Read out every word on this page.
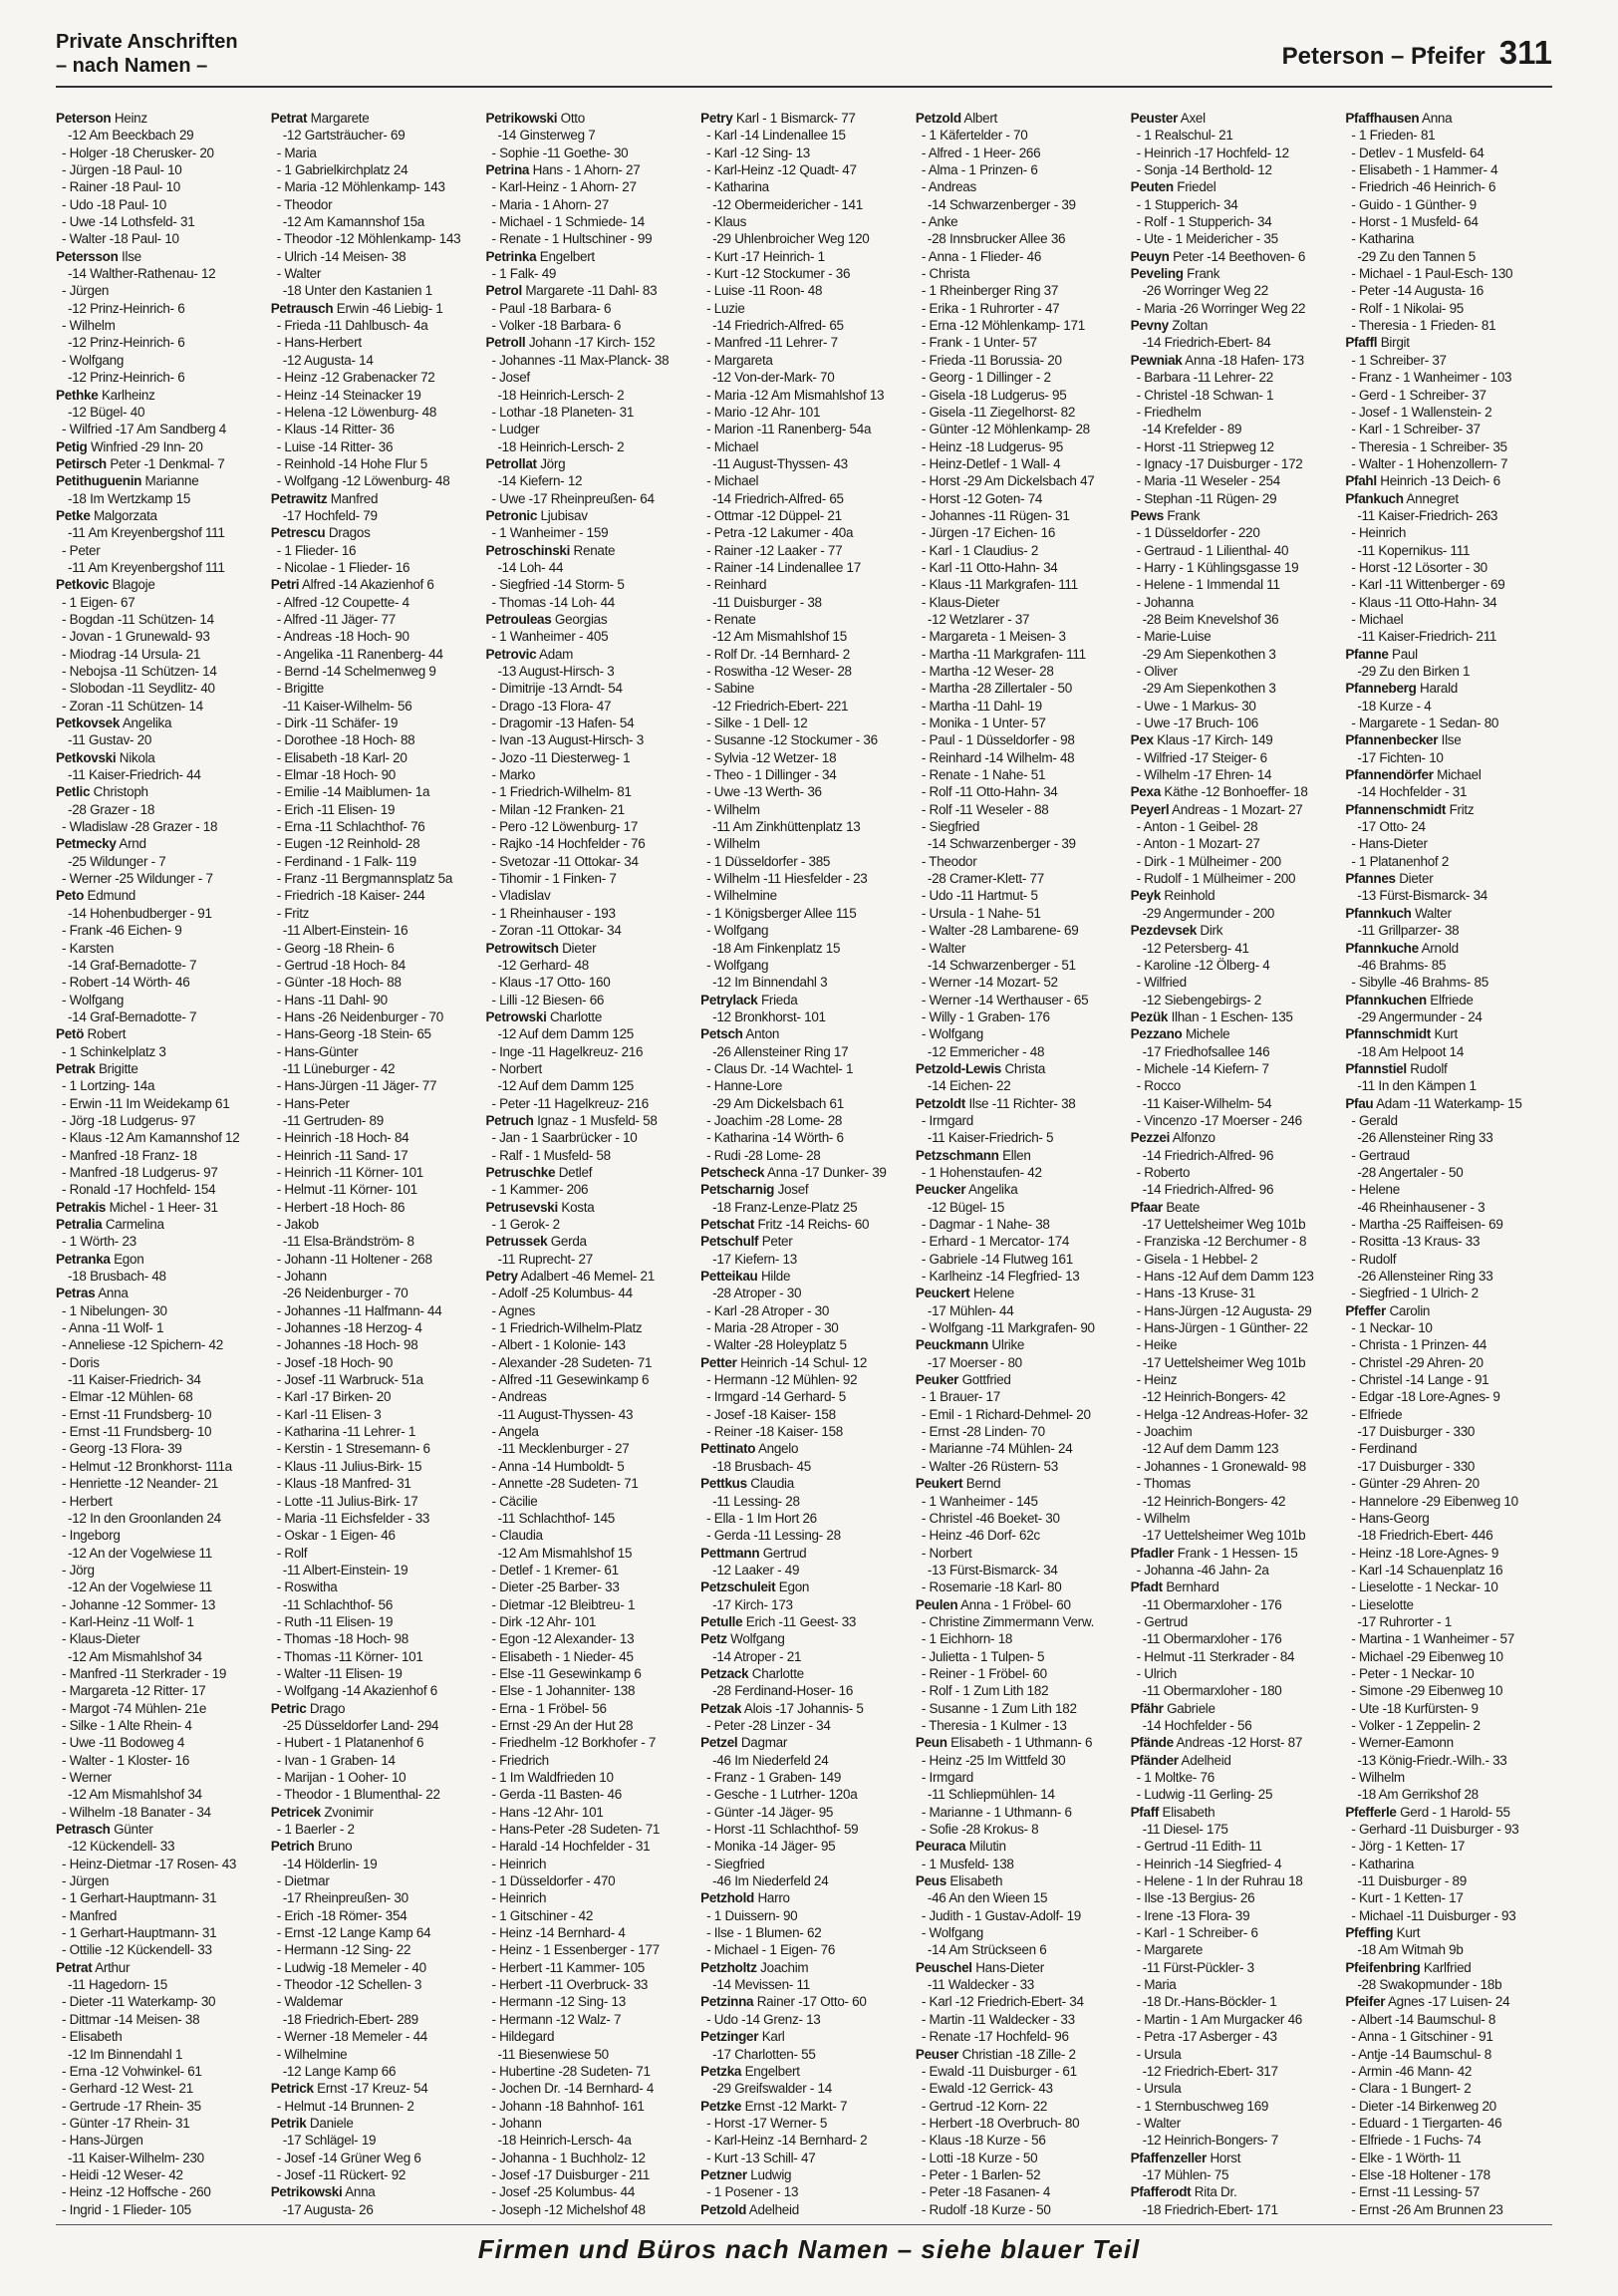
Private Anschriften
– nach Namen –	Peterson – Pfeifer 311
Peterson Heinz
-12 Am Beeckbach 29
- Holger -18 Cherusker- 20
- Jürgen -18 Paul- 10
- Rainer -18 Paul- 10
- Udo -18 Paul- 10
- Uwe -14 Lothsfeld- 31
- Walter -18 Paul- 10
Petersson Ilse
-14 Walther-Rathenau- 12
- Jürgen
-12 Prinz-Heinrich- 6
- Wilhelm
-12 Prinz-Heinrich- 6
- Wolfgang
-12 Prinz-Heinrich- 6
Pethke Karlheinz
-12 Bügel- 40
- Wilfried -17 Am Sandberg 4
Petig Winfried -29 Inn- 20
Petirsch Peter -1 Denkmal- 7
Petithuguenin Marianne
-18 Im Wertzkamp 15
Petke Malgorzata
-11 Am Kreyenbergshof 111
- Peter
-11 Am Kreyenbergshof 111
Petkovic Blagoje
- 1 Eigen- 67
- Bogdan -11 Schützen- 14
- Jovan - 1 Grunewald- 93
- Miodrag -14 Ursula- 21
- Nebojsa -11 Schützen- 14
- Slobodan -11 Seydlitz- 40
- Zoran -11 Schützen- 14
Petkovsek Angelika
-11 Gustav- 20
Petkovski Nikola
-11 Kaiser-Friedrich- 44
Petlic Christoph
-28 Grazer - 18
- Wladislaw -28 Grazer - 18
Petmecky Arnd
-25 Wildunger - 7
- Werner -25 Wildunger - 7
Peto Edmund
-14 Hohenbudberger - 91
- Frank -46 Eichen- 9
- Karsten
-14 Graf-Bernadotte- 7
- Robert -14 Wörth- 46
- Wolfgang
-14 Graf-Bernadotte- 7
Petö Robert
- 1 Schinkelplatz 3
Petrak Brigitte
- 1 Lortzing- 14a
- Erwin -11 Im Weidekamp 61
- Jörg -18 Ludgerus- 97
- Klaus -12 Am Kamannshof 12
- Manfred -18 Franz- 18
- Manfred -18 Ludgerus- 97
- Ronald -17 Hochfeld- 154
Petrakis Michel - 1 Heer- 31
Petralia Carmelina
- 1 Wörth- 23
Petranka Egon
-18 Brusbach- 48
Petras Anna
- 1 Nibelungen- 30
- Anna -11 Wolf- 1
- Anneliese -12 Spichern- 42
- Doris
-11 Kaiser-Friedrich- 34
- Elmar -12 Mühlen- 68
- Ernst -11 Frundsberg- 10
- Ernst -11 Frundsberg- 10
- Georg -13 Flora- 39
- Helmut -12 Bronkhorst- 111a
- Henriette -12 Neander- 21
- Herbert
-12 In den Groonlanden 24
- Ingeborg
-12 An der Vogelwiese 11
- Jörg
-12 An der Vogelwiese 11
- Johanne -12 Sommer- 13
- Karl-Heinz -11 Wolf- 1
- Klaus-Dieter
-12 Am Mismahlshof 34
- Manfred -11 Sterkrader - 19
- Margareta -12 Ritter- 17
- Margot -74 Mühlen- 21e
- Silke - 1 Alte Rhein- 4
- Uwe -11 Bodoweg 4
- Walter - 1 Kloster- 16
- Werner
-12 Am Mismahlshof 34
- Wilhelm -18 Banater - 34
Petrasch Günter
-12 Kückendell- 33
- Heinz-Dietmar -17 Rosen- 43
- Jürgen
- 1 Gerhart-Hauptmann- 31
- Manfred
- 1 Gerhart-Hauptmann- 31
- Ottilie -12 Kückendell- 33
Petrat Arthur
-11 Hagedorn- 15
- Dieter -11 Waterkamp- 30
- Dittmar -14 Meisen- 38
- Elisabeth
-12 Im Binnendahl 1
- Erna -12 Vohwinkel- 61
- Gerhard -12 West- 21
- Gertrude -17 Rhein- 35
- Günter -17 Rhein- 31
- Hans-Jürgen
-11 Kaiser-Wilhelm- 230
- Heidi -12 Weser- 42
- Heinz -12 Hoffsche - 260
- Ingrid - 1 Flieder- 105
Petrat Margarete
-12 Gartsträucher- 69
- Maria
- 1 Gabrielkirchplatz 24
- Maria -12 Möhlenkamp- 143
- Theodor
-12 Am Kamannshof 15a
- Theodor -12 Möhlenkamp- 143
- Ulrich -14 Meisen- 38
- Walter
-18 Unter den Kastanien 1
Petrausch Erwin -46 Liebig- 1
- Frieda -11 Dahlbusch- 4a
- Hans-Herbert
-12 Augusta- 14
- Heinz -12 Grabenacker 72
- Heinz -14 Steinacker 19
- Helena -12 Löwenburg- 48
- Klaus -14 Ritter- 36
- Luise -14 Ritter- 36
- Reinhold -14 Hohe Flur 5
- Wolfgang -12 Löwenburg- 48
Petrawitz Manfred
-17 Hochfeld- 79
Petrescu Dragos
- 1 Flieder- 16
- Nicolae - 1 Flieder- 16
Petri Alfred -14 Akazienhof 6
- Alfred -12 Coupette- 4
- Alfred -11 Jäger- 77
- Andreas -18 Hoch- 90
- Angelika -11 Ranenberg- 44
- Bernd -14 Schelmenweg 9
- Brigitte
-11 Kaiser-Wilhelm- 56
- Dirk -11 Schäfer- 19
- Dorothee -18 Hoch- 88
- Elisabeth -18 Karl- 20
- Elmar -18 Hoch- 90
- Emilie -14 Maiblumen- 1a
- Erich -11 Elisen- 19
- Erna -11 Schlachthof- 76
- Eugen -12 Reinhold- 28
- Ferdinand - 1 Falk- 119
- Franz -11 Bergmannsplatz 5a
- Friedrich -18 Kaiser- 244
- Fritz
-11 Albert-Einstein- 16
- Georg -18 Rhein- 6
- Gertrud -18 Hoch- 84
- Günter -18 Hoch- 88
- Hans -11 Dahl- 90
- Hans -26 Neidenburger - 70
- Hans-Georg -18 Stein- 65
- Hans-Günter
-11 Lüneburger - 42
- Hans-Jürgen -11 Jäger- 77
- Hans-Peter
-11 Gertruden- 89
- Heinrich -18 Hoch- 84
- Heinrich -11 Sand- 17
- Heinrich -11 Körner- 101
- Helmut -11 Körner- 101
- Herbert -18 Hoch- 86
- Jakob
-11 Elsa-Brändström- 8
- Johann -11 Holtener - 268
- Johann
-26 Neidenburger - 70
- Johannes -11 Halfmann- 44
- Johannes -18 Herzog- 4
- Johannes -18 Hoch- 98
- Josef -18 Hoch- 90
- Josef -11 Warbruck- 51a
- Karl -17 Birken- 20
- Karl -11 Elisen- 3
- Katharina -11 Lehrer- 1
- Kerstin - 1 Stresemann- 6
- Klaus -11 Julius-Birk- 15
- Klaus -18 Manfred- 31
- Lotte -11 Julius-Birk- 17
- Maria -11 Eichsfelder - 33
- Oskar - 1 Eigen- 46
- Rolf
-11 Albert-Einstein- 19
- Roswitha
-11 Schlachthof- 56
- Ruth -11 Elisen- 19
- Thomas -18 Hoch- 98
- Thomas -11 Körner- 101
- Walter -11 Elisen- 19
- Wolfgang -14 Akazienhof 6
Petric Drago
-25 Düsseldorfer Land- 294
- Hubert - 1 Platanenhof 6
- Ivan - 1 Graben- 14
- Marijan - 1 Ooher- 10
- Theodor - 1 Blumenthal- 22
Petricek Zvonimir
- 1 Baerler - 2
Petrich Bruno
-14 Hölderlin- 19
- Dietmar
-17 Rheinpreußen- 30
- Erich -18 Römer- 354
- Ernst -12 Lange Kamp 64
- Hermann -12 Sing- 22
- Ludwig -18 Memeler - 40
- Theodor -12 Schellen- 3
- Waldemar
-18 Friedrich-Ebert- 289
- Werner -18 Memeler - 44
- Wilhelmine
-12 Lange Kamp 66
Petrick Ernst -17 Kreuz- 54
- Helmut -14 Brunnen- 2
Petrik Daniele
-17 Schlägel- 19
- Josef -14 Grüner Weg 6
- Josef -11 Rückert- 92
Petrikowski Anna
-17 Augusta- 26
Petrikowski Otto
-14 Ginsterweg 7
- Sophie -11 Goethe- 30
Petrina Hans - 1 Ahorn- 27
- Karl-Heinz - 1 Ahorn- 27
- Maria - 1 Ahorn- 27
- Michael - 1 Schmiede- 14
- Renate - 1 Hultschiner - 99
Petrinka Engelbert
- 1 Falk- 49
Petrol Margarete -11 Dahl- 83
- Paul -18 Barbara- 6
- Volker -18 Barbara- 6
Petroll Johann -17 Kirch- 152
- Johannes -11 Max-Planck- 38
- Josef
-18 Heinrich-Lersch- 2
- Lothar -18 Planeten- 31
- Ludger
-18 Heinrich-Lersch- 2
Petrollat Jörg
-14 Kiefern- 12
- Uwe -17 Rheinpreußen- 64
Petronic Ljubisav
- 1 Wanheimer - 159
Petroschinski Renate
-14 Loh- 44
- Siegfried -14 Storm- 5
- Thomas -14 Loh- 44
Petrouleas Georgias
- 1 Wanheimer - 405
Petrovic Adam
-13 August-Hirsch- 3
- Dimitrije -13 Arndt- 54
- Drago -13 Flora- 47
- Dragomir -13 Hafen- 54
- Ivan -13 August-Hirsch- 3
- Jozo -11 Diesterweg- 1
- Marko
- 1 Friedrich-Wilhelm- 81
- Milan -12 Franken- 21
- Pero -12 Löwenburg- 17
- Rajko -14 Hochfelder - 76
- Svetozar -11 Ottokar- 34
- Tihomir - 1 Finken- 7
- Vladislav
- 1 Rheinhauser - 193
- Zoran -11 Ottokar- 34
Petrowitsch Dieter
-12 Gerhard- 48
- Klaus -17 Otto- 160
- Lilli -12 Biesen- 66
Petrowski Charlotte
-12 Auf dem Damm 125
- Inge -11 Hagelkreuz- 216
- Norbert
-12 Auf dem Damm 125
- Peter -11 Hagelkreuz- 216
Petruch Ignaz - 1 Musfeld- 58
- Jan - 1 Saarbrücker - 10
- Ralf - 1 Musfeld- 58
Petruschke Detlef
- 1 Kammer- 206
Petrusevski Kosta
- 1 Gerok- 2
Petrussek Gerda
-11 Ruprecht- 27
Petry Adalbert -46 Memel- 21
- Adolf -25 Kolumbus- 44
- Agnes
- 1 Friedrich-Wilhelm-Platz
- Albert - 1 Kolonie- 143
- Alexander -28 Sudeten- 71
- Alfred -11 Gesewinkamp 6
- Andreas
-11 August-Thyssen- 43
- Angela
-11 Mecklenburger - 27
- Anna -14 Humboldt- 5
- Annette -28 Sudeten- 71
- Cäcilie
-11 Schlachthof- 145
- Claudia
-12 Am Mismahlshof 15
- Detlef - 1 Kremer- 61
- Dieter -25 Barber- 33
- Dietmar -12 Bleibtreu- 1
- Dirk -12 Ahr- 101
- Egon -12 Alexander- 13
- Elisabeth - 1 Nieder- 45
- Else -11 Gesewinkamp 6
- Else - 1 Johanniter- 138
- Erna - 1 Fröbel- 56
- Ernst -29 An der Hut 28
- Friedhelm -12 Borkhofer - 7
- Friedrich
- 1 Im Waldfrieden 10
- Gerda -11 Basten- 46
- Hans -12 Ahr- 101
- Hans-Peter -28 Sudeten- 71
- Harald -14 Hochfelder - 31
- Heinrich
- 1 Düsseldorfer - 470
- Heinrich
- 1 Gitschiner - 42
- Heinz -14 Bernhard- 4
- Heinz - 1 Essenberger - 177
- Herbert -11 Kammer- 105
- Herbert -11 Overbruck- 33
- Hermann -12 Sing- 13
- Hermann -12 Walz- 7
- Hildegard
-11 Biesenwiese 50
- Hubertine -28 Sudeten- 71
- Jochen Dr. -14 Bernhard- 4
- Johann -18 Bahnhof- 161
- Johann
-18 Heinrich-Lersch- 4a
- Johanna - 1 Buchholz- 12
- Josef -17 Duisburger - 211
- Josef -25 Kolumbus- 44
- Joseph -12 Michelshof 48
Petry Karl - 1 Bismarck- 77
- Karl -14 Lindenallee 15
- Karl -12 Sing- 13
- Karl-Heinz -12 Quadt- 47
- Katharina
-12 Obermeidericher - 141
- Klaus
-29 Uhlenbroicher Weg 120
- Kurt -17 Heinrich- 1
- Kurt -12 Stockumer - 36
- Luise -11 Roon- 48
- Luzie
-14 Friedrich-Alfred- 65
- Manfred -11 Lehrer- 7
- Margareta
-12 Von-der-Mark- 70
- Maria -12 Am Mismahlshof 13
- Mario -12 Ahr- 101
- Marion -11 Ranenberg- 54a
- Michael
-11 August-Thyssen- 43
- Michael
-14 Friedrich-Alfred- 65
- Ottmar -12 Düppel- 21
- Petra -12 Lakumer - 40a
- Rainer -12 Laaker - 77
- Rainer -14 Lindenallee 17
- Reinhard
-11 Duisburger - 38
- Renate
-12 Am Mismahlshof 15
- Rolf Dr. -14 Bernhard- 2
- Roswitha -12 Weser- 28
- Sabine
-12 Friedrich-Ebert- 221
- Silke - 1 Dell- 12
- Susanne -12 Stockumer - 36
- Sylvia -12 Wetzer- 18
- Theo - 1 Dillinger - 34
- Uwe -13 Werth- 36
- Wilhelm
-11 Am Zinkhüttenplatz 13
- Wilhelm
- 1 Düsseldorfer - 385
- Wilhelm -11 Hiesfelder - 23
- Wilhelmine
- 1 Königsberger Allee 115
- Wolfgang
-18 Am Finkenplatz 15
- Wolfgang
-12 Im Binnendahl 3
Petrylack Frieda
-12 Bronkhorst- 101
Petsch Anton
-26 Allensteiner Ring 17
- Claus Dr. -14 Wachtel- 1
- Hanne-Lore
-29 Am Dickelsbach 61
- Joachim -28 Lome- 28
- Katharina -14 Wörth- 6
- Rudi -28 Lome- 28
Petscheck Anna -17 Dunker- 39
Petscharnig Josef
-18 Franz-Lenze-Platz 25
Petschat Fritz -14 Reichs- 60
Petschulf Peter
-17 Kiefern- 13
Petteikau Hilde
-28 Atroper - 30
- Karl -28 Atroper - 30
- Maria -28 Atroper - 30
- Walter -28 Holeyplatz 5
Petter Heinrich -14 Schul- 12
- Hermann -12 Mühlen- 92
- Irmgard -14 Gerhard- 5
- Josef -18 Kaiser- 158
- Reiner -18 Kaiser- 158
Pettinato Angelo
-18 Brusbach- 45
Pettkus Claudia
-11 Lessing- 28
- Ella - 1 Im Hort 26
- Gerda -11 Lessing- 28
Pettmann Gertrud
-12 Laaker - 49
Petzschuleit Egon
-17 Kirch- 173
Petulle Erich -11 Geest- 33
Petz Wolfgang
-14 Atroper - 21
Petzack Charlotte
-28 Ferdinand-Hoser- 16
Petzak Alois -17 Johannis- 5
- Peter -28 Linzer - 34
Petzel Dagmar
-46 Im Niederfeld 24
- Franz - 1 Graben- 149
- Gesche - 1 Lutrher- 120a
- Günter -14 Jäger- 95
- Horst -11 Schlachthof- 59
- Monika -14 Jäger- 95
- Siegfried
-46 Im Niederfeld 24
Petzhold Harro
- 1 Duissern- 90
- Ilse - 1 Blumen- 62
- Michael - 1 Eigen- 76
Petzholtz Joachim
-14 Mevissen- 11
Petzinna Rainer -17 Otto- 60
- Udo -14 Grenz- 13
Petzinger Karl
-17 Charlotten- 55
Petzka Engelbert
-29 Greifswalder - 14
Petzke Ernst -12 Markt- 7
- Horst -17 Werner- 5
- Karl-Heinz -14 Bernhard- 2
- Kurt -13 Schill- 47
Petzner Ludwig
- 1 Posener - 13
Petzold Adelheid
Petzold Albert
- 1 Käfertelder - 70
- Alfred - 1 Heer- 266
- Alma - 1 Prinzen- 6
- Andreas
-14 Schwarzenberger - 39
- Anke
-28 Innsbrucker Allee 36
- Anna - 1 Flieder- 46
- Christa
- 1 Rheinberger Ring 37
- Erika - 1 Ruhrorter - 47
- Erna -12 Möhlenkamp- 171
- Frank - 1 Unter- 57
- Frieda -11 Borussia- 20
- Georg - 1 Dillinger - 2
- Gisela -18 Ludgerus- 95
- Gisela -11 Ziegelhorst- 82
- Günter -12 Möhlenkamp- 28
- Heinz -18 Ludgerus- 95
- Heinz-Detlef - 1 Wall- 4
- Horst -29 Am Dickelsbach 47
- Horst -12 Goten- 74
- Johannes -11 Rügen- 31
- Jürgen -17 Eichen- 16
- Karl - 1 Claudius- 2
- Karl -11 Otto-Hahn- 34
- Klaus -11 Markgrafen- 111
- Klaus-Dieter
-12 Wetzlarer - 37
- Margareta - 1 Meisen- 3
- Martha -11 Markgrafen- 111
- Martha -12 Weser- 28
- Martha -28 Zillertaler - 50
- Martha -11 Dahl- 19
- Monika - 1 Unter- 57
- Paul - 1 Düsseldorfer - 98
- Reinhard -14 Wilhelm- 48
- Renate - 1 Nahe- 51
- Rolf -11 Otto-Hahn- 34
- Rolf -11 Weseler - 88
- Siegfried
-14 Schwarzenberger - 39
- Theodor
-28 Cramer-Klett- 77
- Udo -11 Hartmut- 5
- Ursula - 1 Nahe- 51
- Walter -28 Lambarene- 69
- Walter
-14 Schwarzenberger - 51
- Werner -14 Mozart- 52
- Werner -14 Werthauser - 65
- Willy - 1 Graben- 176
- Wolfgang
-12 Emmericher - 48
Petzold-Lewis Christa
-14 Eichen- 22
Petzoldt Ilse -11 Richter- 38
- Irmgard
-11 Kaiser-Friedrich- 5
Petzschmann Ellen
- 1 Hohenstaufen- 42
Peucker Angelika
-12 Bügel- 15
- Dagmar - 1 Nahe- 38
- Erhard - 1 Mercator- 174
- Gabriele -14 Flutweg 161
- Karlheinz -14 Flegfried- 13
Peuckert Helene
-17 Mühlen- 44
- Wolfgang -11 Markgrafen- 90
Peuckmann Ulrike
-17 Moerser - 80
Peuker Gottfried
- 1 Brauer- 17
- Emil - 1 Richard-Dehmel- 20
- Ernst -28 Linden- 70
- Marianne -74 Mühlen- 24
- Walter -26 Rüstern- 53
Peukert Bernd
- 1 Wanheimer - 145
- Christel -46 Boeket- 30
- Heinz -46 Dorf- 62c
- Norbert
-13 Fürst-Bismarck- 34
- Rosemarie -18 Karl- 80
Peulen Anna - 1 Fröbel- 60
- Christine Zimmermann Verw.
- 1 Eichhorn- 18
- Julietta - 1 Tulpen- 5
- Reiner - 1 Fröbel- 60
- Rolf - 1 Zum Lith 182
- Susanne - 1 Zum Lith 182
- Theresia - 1 Kulmer - 13
Peun Elisabeth - 1 Uthmann- 6
- Heinz -25 Im Wittfeld 30
- Irmgard
-11 Schliepmühlen- 14
- Marianne - 1 Uthmann- 6
- Sofie -28 Krokus- 8
Peuraca Milutin
- 1 Musfeld- 138
Peus Elisabeth
-46 An den Wieen 15
- Judith - 1 Gustav-Adolf- 19
- Wolfgang
-14 Am Strückseen 6
Peuschel Hans-Dieter
-11 Waldecker - 33
- Karl -12 Friedrich-Ebert- 34
- Martin -11 Waldecker - 33
- Renate -17 Hochfeld- 96
Peuser Christian -18 Zille- 2
- Ewald -11 Duisburger - 61
- Ewald -12 Gerrick- 43
- Gertrud -12 Korn- 22
- Herbert -18 Overbruch- 80
- Klaus -18 Kurze - 56
- Lotti -18 Kurze - 50
- Peter - 1 Barlen- 52
- Peter -18 Fasanen- 4
- Rudolf -18 Kurze - 50
Peuster Axel
- 1 Realschul- 21
- Heinrich -17 Hochfeld- 12
- Sonja -14 Berthold- 12
Peuten Friedel
- 1 Stupperich- 34
- Rolf - 1 Stupperich- 34
- Ute - 1 Meidericher - 35
Peuyn Peter -14 Beethoven- 6
Peveling Frank
-26 Worringer Weg 22
- Maria -26 Worringer Weg 22
Pevny Zoltan
-14 Friedrich-Ebert- 84
Pewniak Anna -18 Hafen- 173
- Barbara -11 Lehrer- 22
- Christel -18 Schwan- 1
- Friedhelm
-14 Krefelder - 89
- Horst -11 Striepweg 12
- Ignacy -17 Duisburger - 172
- Maria -11 Weseler - 254
- Stephan -11 Rügen- 29
Pews Frank
- 1 Düsseldorfer - 220
- Gertraud - 1 Lilienthal- 40
- Harry - 1 Kühlingsgasse 19
- Helene - 1 Immendal 11
- Johanna
-28 Beim Knevelshof 36
- Marie-Luise
-29 Am Siepenkothen 3
- Oliver
-29 Am Siepenkothen 3
- Uwe - 1 Markus- 30
- Uwe -17 Bruch- 106
Pex Klaus -17 Kirch- 149
- Wilfried -17 Steiger- 6
- Wilhelm -17 Ehren- 14
Pexa Käthe -12 Bonhoeffer- 18
Peyerl Andreas - 1 Mozart- 27
- Anton - 1 Geibel- 28
- Anton - 1 Mozart- 27
- Dirk - 1 Mülheimer - 200
- Rudolf - 1 Mülheimer - 200
Peyk Reinhold
-29 Angermunder - 200
Pezdevsek Dirk
-12 Petersberg- 41
- Karoline -12 Ölberg- 4
- Wilfried
-12 Siebengebirgs- 2
Pezük Ilhan - 1 Eschen- 135
Pezzano Michele
-17 Friedhofsallee 146
- Michele -14 Kiefern- 7
- Rocco
-11 Kaiser-Wilhelm- 54
- Vincenzo -17 Moerser - 246
Pezzei Alfonzo
-14 Friedrich-Alfred- 96
- Roberto
-14 Friedrich-Alfred- 96
Pfaar Beate
-17 Uettelsheimer Weg 101b
- Franziska -12 Berchumer - 8
- Gisela - 1 Hebbel- 2
- Hans -12 Auf dem Damm 123
- Hans -13 Kruse- 31
- Hans-Jürgen -12 Augusta- 29
- Hans-Jürgen - 1 Günther- 22
- Heike
-17 Uettelsheimer Weg 101b
- Heinz
-12 Heinrich-Bongers- 42
- Helga -12 Andreas-Hofer- 32
- Joachim
-12 Auf dem Damm 123
- Johannes - 1 Gronewald- 98
- Thomas
-12 Heinrich-Bongers- 42
- Wilhelm
-17 Uettelsheimer Weg 101b
Pfadler Frank - 1 Hessen- 15
- Johanna -46 Jahn- 2a
Pfadt Bernhard
-11 Obermarxloher - 176
- Gertrud
-11 Obermarxloher - 176
- Helmut -11 Sterkrader - 84
- Ulrich
-11 Obermarxloher - 180
Pfähr Gabriele
-14 Hochfelder - 56
Pfände Andreas -12 Horst- 87
Pfänder Adelheid
- 1 Moltke- 76
- Ludwig -11 Gerling- 25
Pfaff Elisabeth
-11 Diesel- 175
- Gertrud -11 Edith- 11
- Heinrich -14 Siegfried- 4
- Helene - 1 In der Ruhrau 18
- Ilse -13 Bergius- 26
- Irene -13 Flora- 39
- Karl - 1 Schreiber- 6
- Margarete
-11 Fürst-Pückler- 3
- Maria
-18 Dr.-Hans-Böckler- 1
- Martin - 1 Am Murgacker 46
- Petra -17 Asberger - 43
- Ursula
-12 Friedrich-Ebert- 317
- Ursula
- 1 Sternbuschweg 169
- Walter
-12 Heinrich-Bongers- 7
Pfaffenzeller Horst
-17 Mühlen- 75
Pfafferodt Rita Dr.
-18 Friedrich-Ebert- 171
Pfaffhausen Anna
- 1 Frieden- 81
- Detlev - 1 Musfeld- 64
- Elisabeth - 1 Hammer- 4
- Friedrich -46 Heinrich- 6
- Guido - 1 Günther- 9
- Horst - 1 Musfeld- 64
- Katharina
-29 Zu den Tannen 5
- Michael - 1 Paul-Esch- 130
- Peter -14 Augusta- 16
- Rolf - 1 Nikolai- 95
- Theresia - 1 Frieden- 81
Pfaffl Birgit
- 1 Schreiber- 37
- Franz - 1 Wanheimer - 103
- Gerd - 1 Schreiber- 37
- Josef - 1 Wallenstein- 2
- Karl - 1 Schreiber- 37
- Theresia - 1 Schreiber- 35
- Walter - 1 Hohenzollern- 7
Pfahl Heinrich -13 Deich- 6
Pfankuch Annegret
-11 Kaiser-Friedrich- 263
- Heinrich
-11 Kopernikus- 111
- Horst -12 Lösorter - 30
- Karl -11 Wittenberger - 69
- Klaus -11 Otto-Hahn- 34
- Michael
-11 Kaiser-Friedrich- 211
Pfanne Paul
-29 Zu den Birken 1
Pfanneberg Harald
-18 Kurze - 4
- Margarete - 1 Sedan- 80
Pfannenbecker Ilse
-17 Fichten- 10
Pfannendörfer Michael
-14 Hochfelder - 31
Pfannenschmidt Fritz
-17 Otto- 24
- Hans-Dieter
- 1 Platanenhof 2
Pfannes Dieter
-13 Fürst-Bismarck- 34
Pfannkuch Walter
-11 Grillparzer- 38
Pfannkuche Arnold
-46 Brahms- 85
- Sibylle -46 Brahms- 85
Pfannkuchen Elfriede
-29 Angermunder - 24
Pfannschmidt Kurt
-18 Am Helpoot 14
Pfannstiel Rudolf
-11 In den Kämpen 1
Pfau Adam -11 Waterkamp- 15
- Gerald
-26 Allensteiner Ring 33
- Gertraud
-28 Angertaler - 50
- Helene
-46 Rheinhausener - 3
- Martha -25 Raiffeisen- 69
- Rositta -13 Kraus- 33
- Rudolf
-26 Allensteiner Ring 33
- Siegfried - 1 Ulrich- 2
Pfeffer Carolin
- 1 Neckar- 10
- Christa - 1 Prinzen- 44
- Christel -29 Ahren- 20
- Christel -14 Lange - 91
- Edgar -18 Lore-Agnes- 9
- Elfriede
-17 Duisburger - 330
- Ferdinand
-17 Duisburger - 330
- Günter -29 Ahren- 20
- Hannelore -29 Eibenweg 10
- Hans-Georg
-18 Friedrich-Ebert- 446
- Heinz -18 Lore-Agnes- 9
- Karl -14 Schauenplatz 16
- Lieselotte - 1 Neckar- 10
- Lieselotte
-17 Ruhrorter - 1
- Martina - 1 Wanheimer - 57
- Michael -29 Eibenweg 10
- Peter - 1 Neckar- 10
- Simone -29 Eibenweg 10
- Ute -18 Kurfürsten- 9
- Volker - 1 Zeppelin- 2
- Werner-Eamonn
-13 König-Friedr.-Wilh.- 33
- Wilhelm
-18 Am Gerrikshof 28
Pfefferle Gerd - 1 Harold- 55
- Gerhard -11 Duisburger - 93
- Jörg - 1 Ketten- 17
- Katharina
-11 Duisburger - 89
- Kurt - 1 Ketten- 17
- Michael -11 Duisburger - 93
Pfeffing Kurt
-18 Am Witmah 9b
Pfeifenbring Karlfried
-28 Swakopmunder - 18b
Pfeifer Agnes -17 Luisen- 24
- Albert -14 Baumschul- 8
- Anna - 1 Gitschiner - 91
- Antje -14 Baumschul- 8
- Armin -46 Mann- 42
- Clara - 1 Bungert- 2
- Dieter -14 Birkenweg 20
- Eduard - 1 Tiergarten- 46
- Elfriede - 1 Fuchs- 74
- Elke - 1 Wörth- 11
- Else -18 Holtener - 178
- Ernst -11 Lessing- 57
- Ernst -26 Am Brunnen 23
Firmen und Büros nach Namen – siehe blauer Teil
